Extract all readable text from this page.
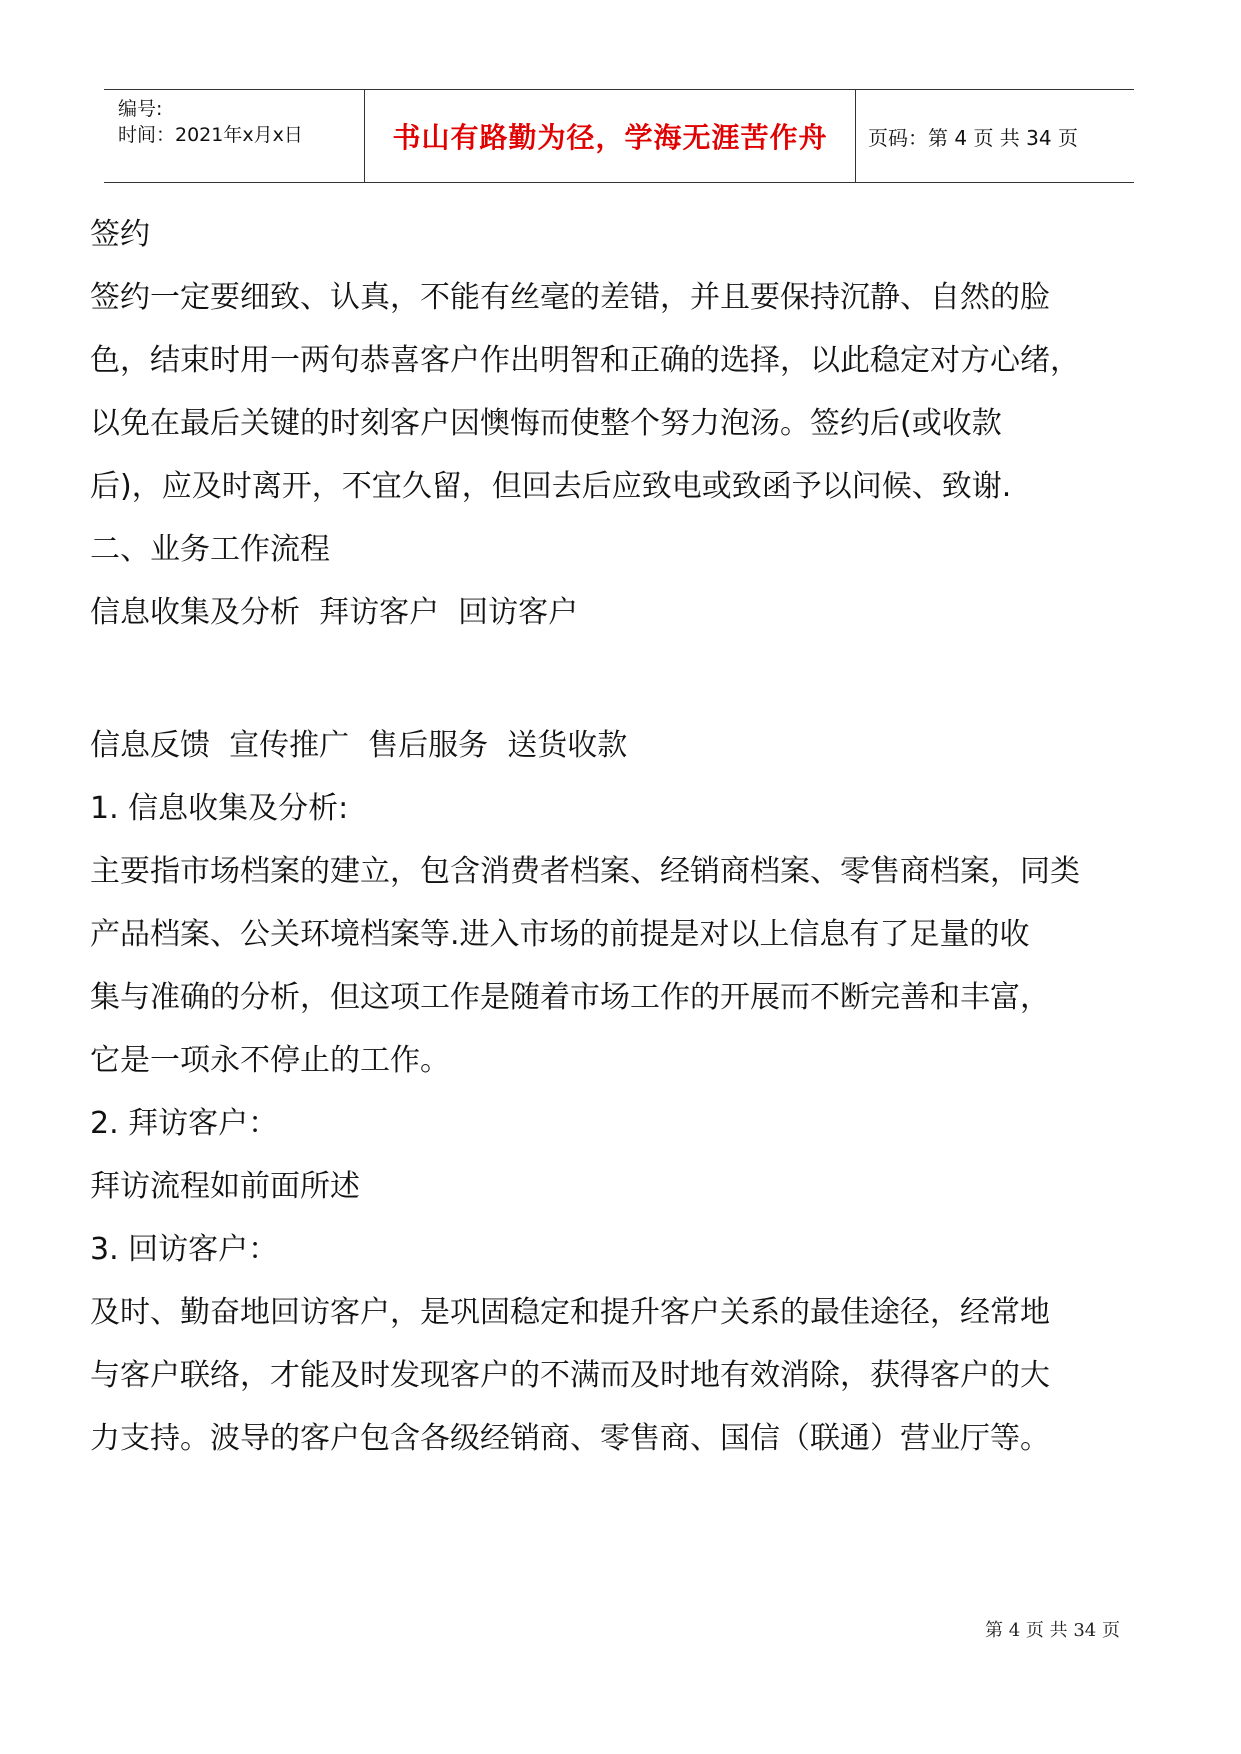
编号:
时间：2021年x月x日	书山有路勤为径，学海无涯苦作舟 页码：第 4 页 共 34 页

签约

签约一定要细致、认真，不能有丝毫的差错，并且要保持沉静、自然的脸

色，结束时用一两句恭喜客户作出明智和正确的选择，以此稳定对方心绪，

以免在最后关键的时刻客户因懊悔而使整个努力泡汤。签约后(或收款

后)，应及时离开，不宜久留，但回去后应致电或致函予以问候、致谢.

二、业务工作流程

信息收集及分析  拜访客户  回访客户

信息反馈  宣传推广  售后服务  送货收款

1. 信息收集及分析:

主要指市场档案的建立，包含消费者档案、经销商档案、零售商档案，同类

产品档案、公关环境档案等.进入市场的前提是对以上信息有了足量的收

集与准确的分析，但这项工作是随着市场工作的开展而不断完善和丰富，

它是一项永不停止的工作。

2. 拜访客户：

拜访流程如前面所述

3. 回访客户：

及时、勤奋地回访客户，是巩固稳定和提升客户关系的最佳途径，经常地

与客户联络，才能及时发现客户的不满而及时地有效消除，获得客户的大

力支持。波导的客户包含各级经销商、零售商、国信（联通）营业厅等。

第 4 页 共 34 页
